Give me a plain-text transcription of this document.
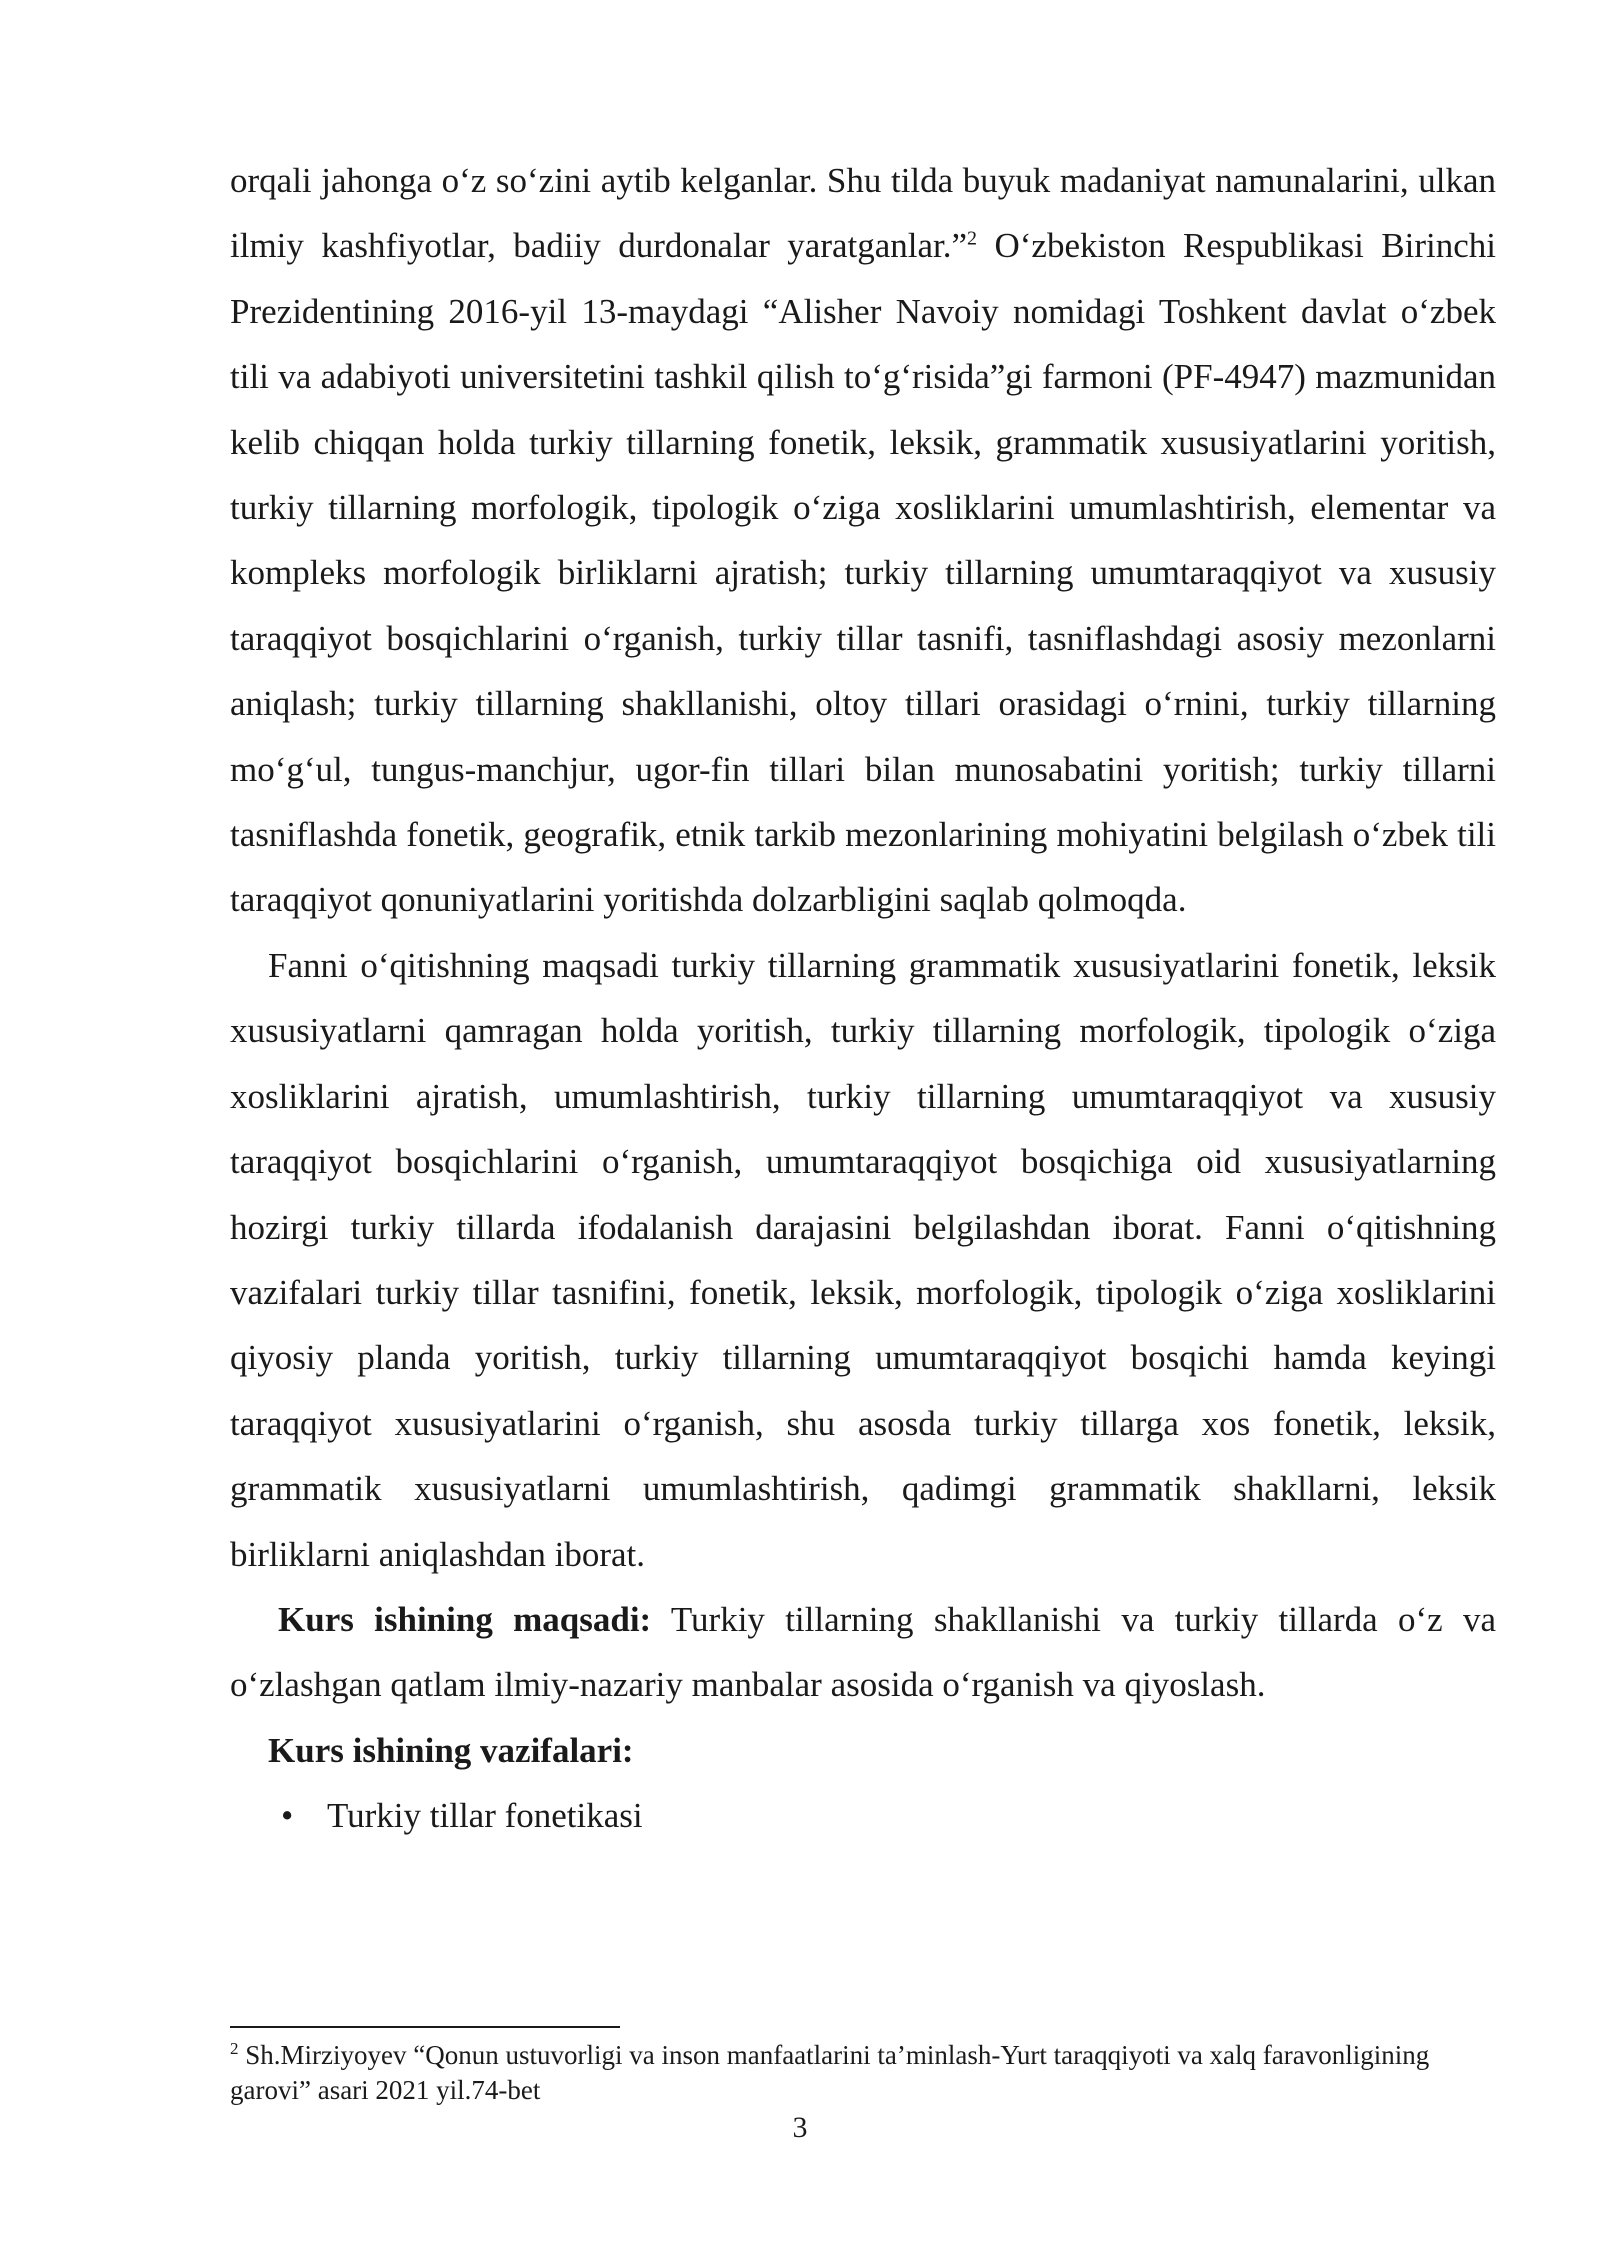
orqali jahonga o‘z so‘zini aytib kelganlar. Shu tilda buyuk madaniyat namunalarini, ulkan ilmiy kashfiyotlar, badiiy durdonalar yaratganlar.”$^2$ O‘zbekiston Respublikasi Birinchi Prezidentining 2016-yil 13-maydagi “Alisher Navoiy nomidagi Toshkent davlat o‘zbek tili va adabiyoti universitetini tashkil qilish to‘g‘risida”gi farmoni (PF-4947) mazmunidan kelib chiqqan holda turkiy tillarning fonetik, leksik, grammatik xususiyatlarini yoritish, turkiy tillarning morfologik, tipologik o‘ziga xosliklarini umumlashtirish, elementar va kompleks morfologik birliklarni ajratish; turkiy tillarning umumtaraqqiyot va xususiy taraqqiyot bosqichlarini o‘rganish, turkiy tillar tasnifi, tasniflashdagi asosiy mezonlarni aniqlash; turkiy tillarning shakllanishi, oltoy tillari orasidagi o‘rnini, turkiy tillarning mo‘g‘ul, tungus-manchjur, ugor-fin tillari bilan munosabatini yoritish; turkiy tillarni tasniflashda fonetik, geografik, etnik tarkib mezonlarining mohiyatini belgilash o‘zbek tili taraqqiyot qonuniyatlarini yoritishda dolzarbligini saqlab qolmoqda.

Fanni o‘qitishning maqsadi turkiy tillarning grammatik xususiyatlarini fonetik, leksik xususiyatlarni qamragan holda yoritish, turkiy tillarning morfologik, tipologik o‘ziga xosliklarini ajratish, umumlashtirish, turkiy tillarning umumtaraqqiyot va xususiy taraqqiyot bosqichlarini o‘rganish, umumtaraqqiyot bosqichiga oid xususiyatlarning hozirgi turkiy tillarda ifodalanish darajasini belgilashdan iborat. Fanni o‘qitishning vazifalari turkiy tillar tasnifini, fonetik, leksik, morfologik, tipologik o‘ziga xosliklarini qiyosiy planda yoritish, turkiy tillarning umumtaraqqiyot bosqichi hamda keyingi taraqqiyot xususiyatlarini o‘rganish, shu asosda turkiy tillarga xos fonetik, leksik, grammatik xususiyatlarni umumlashtirish, qadimgi grammatik shakllarni, leksik birliklarni aniqlashdan iborat.

Kurs ishining maqsadi: Turkiy tillarning shakllanishi va turkiy tillarda o‘z va o‘zlashgan qatlam ilmiy-nazariy manbalar asosida o‘rganish va qiyoslash.

Kurs ishining vazifalari:

• Turkiy tillar fonetikasi
$^2$ Sh.Mirziyoyev “Qonun ustuvorligi va inson manfaatlarini ta’minlash-Yurt taraqqiyoti va xalq faravonligining garovi” asari 2021 yil.74-bet
3
